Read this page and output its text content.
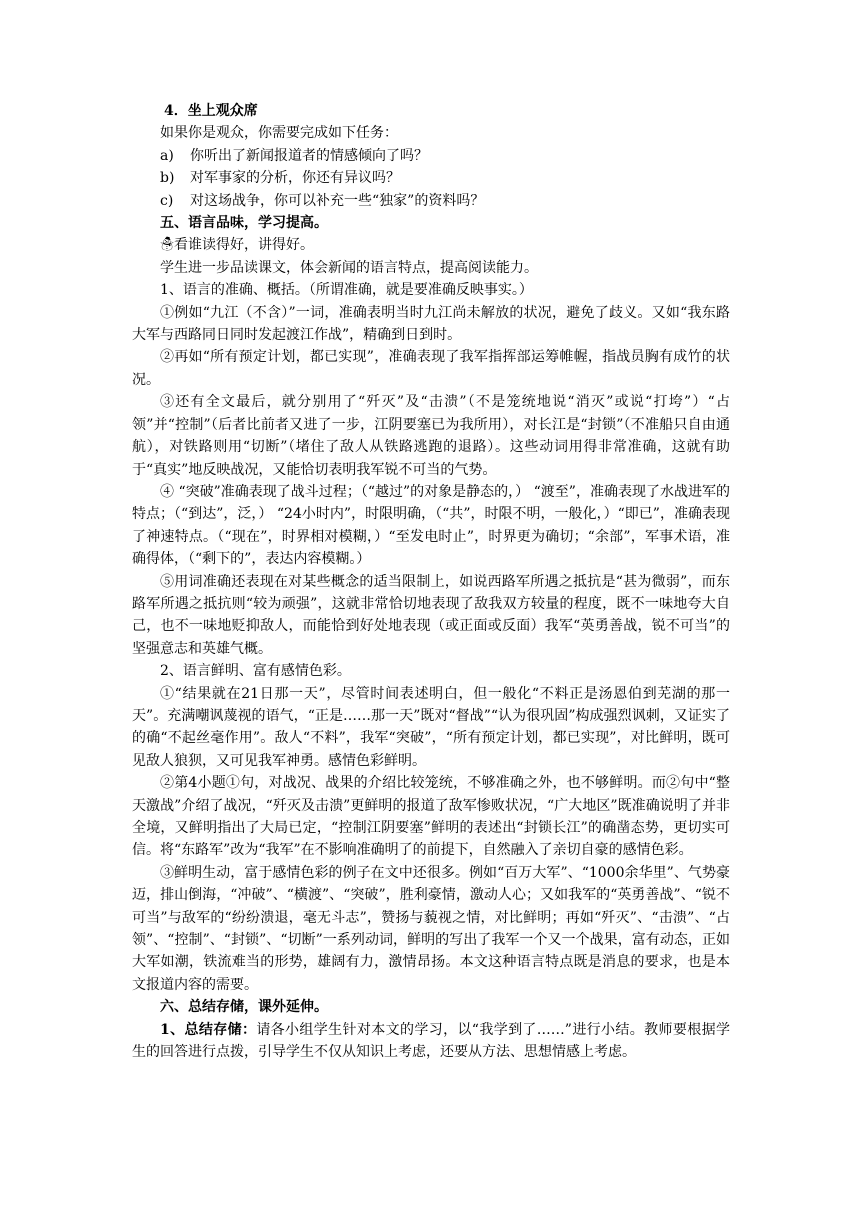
4．坐上观众席

如果你是观众，你需要完成如下任务：

a)	你听出了新闻报道者的情感倾向了吗？
b)	对军事家的分析，你还有异议吗？
c)	对这场战争，你可以补充一些“独家”的资料吗？

五、语言品味，学习提高。

☃看谁读得好，讲得好。

学生进一步品读课文，体会新闻的语言特点，提高阅读能力。

1、语言的准确、概括。（所谓准确，就是要准确反映事实。）

①例如“九江（不含）”一词，准确表明当时九江尚未解放的状况，避免了歧义。又如“我东路大军与西路同日同时发起渡江作战”，精确到日到时。

②再如“所有预定计划，都已实现”，准确表现了我军指挥部运筹帷幄，指战员胸有成竹的状况。

③还有全文最后，就分别用了“歼灭”及“击溃”（不是笼统地说“消灭”或说“打垮”）“占领”并“控制”（后者比前者又进了一步，江阴要塞已为我所用），对长江是“封锁”（不准船只自由通航），对铁路则用“切断”（堵住了敌人从铁路逃跑的退路）。这些动词用得非常准确，这就有助于“真实”地反映战况，又能恰切表明我军锐不可当的气势。

④ “突破”准确表现了战斗过程；（“越过”的对象是静态的，） “渡至”，准确表现了水战进军的特点；（“到达”，泛，） “24小时内”，时限明确，（“共”，时限不明，一般化，）“即已”，准确表现了神速特点。（“现在”，时界相对模糊，）“至发电时止”，时界更为确切；“余部”，军事术语，准确得体，（“剩下的”，表达内容模糊。）

⑤用词准确还表现在对某些概念的适当限制上，如说西路军所遇之抵抗是“甚为微弱”，而东路军所遇之抵抗则“较为顽强”，这就非常恰切地表现了敌我双方较量的程度，既不一味地夸大自己，也不一味地贬抑敌人，而能恰到好处地表现（或正面或反面）我军“英勇善战，锐不可当”的坚强意志和英雄气概。

2、语言鲜明、富有感情色彩。

①“结果就在21日那一天”，尽管时间表述明白，但一般化“不料正是汤恩伯到芜湖的那一天”。充满嘲讽蔑视的语气，“正是……那一天”既对“督战”“认为很巩固”构成强烈讽刺，又证实了的确“不起丝毫作用”。敌人“不料”，我军“突破”，“所有预定计划，都已实现”，对比鲜明，既可见敌人狼狈，又可见我军神勇。感情色彩鲜明。

②第4小题①句，对战况、战果的介绍比较笼统，不够准确之外，也不够鲜明。而②句中“整天激战”介绍了战况，“歼灭及击溃”更鲜明的报道了敌军惨败状况，“广大地区”既准确说明了并非全境，又鲜明指出了大局已定，“控制江阴要塞”鲜明的表述出“封锁长江”的确凿态势，更切实可信。将“东路军”改为“我军”在不影响准确明了的前提下，自然融入了亲切自豪的感情色彩。

③鲜明生动，富于感情色彩的例子在文中还很多。例如“百万大军”、“1000余华里”、气势豪迈，排山倒海，“冲破”、“横渡”、“突破”，胜利豪情，激动人心；又如我军的“英勇善战”、“锐不可当”与敌军的“纷纷溃退，毫无斗志”，赞扬与藐视之情，对比鲜明；再如“歼灭”、“击溃”、“占领”、“控制”、“封锁”、“切断”一系列动词，鲜明的写出了我军一个又一个战果，富有动态，正如大军如潮，铁流难当的形势，雄阔有力，激情昂扬。本文这种语言特点既是消息的要求，也是本文报道内容的需要。

六、总结存储，课外延伸。

1、总结存储：请各小组学生针对本文的学习，以“我学到了……”进行小结。教师要根据学生的回答进行点拨，引导学生不仅从知识上考虑，还要从方法、思想情感上考虑。
